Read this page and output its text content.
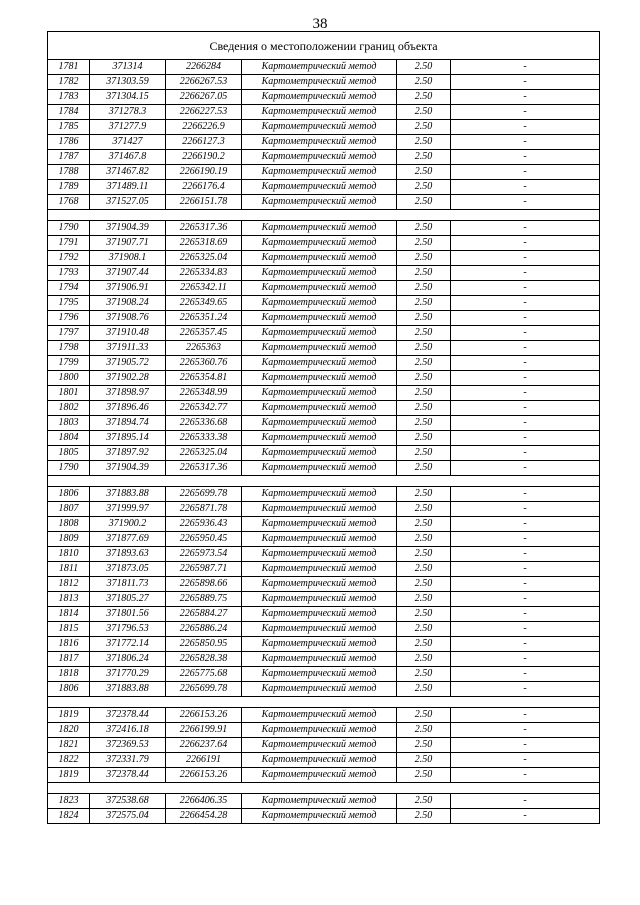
38
Сведения о местоположении границ объекта					
1781	371314	2266284	Картометрический метод	2.50	-
1782	371303.59	2266267.53	Картометрический метод	2.50	-
1783	371304.15	2266267.05	Картометрический метод	2.50	-
1784	371278.3	2266227.53	Картометрический метод	2.50	-
1785	371277.9	2266226.9	Картометрический метод	2.50	-
1786	371427	2266127.3	Картометрический метод	2.50	-
1787	371467.8	2266190.2	Картометрический метод	2.50	-
1788	371467.82	2266190.19	Картометрический метод	2.50	-
1789	371489.11	2266176.4	Картометрический метод	2.50	-
1768	371527.05	2266151.78	Картометрический метод	2.50	-

1790	371904.39	2265317.36	Картометрический метод	2.50	-
1791	371907.71	2265318.69	Картометрический метод	2.50	-
1792	371908.1	2265325.04	Картометрический метод	2.50	-
1793	371907.44	2265334.83	Картометрический метод	2.50	-
1794	371906.91	2265342.11	Картометрический метод	2.50	-
1795	371908.24	2265349.65	Картометрический метод	2.50	-
1796	371908.76	2265351.24	Картометрический метод	2.50	-
1797	371910.48	2265357.45	Картометрический метод	2.50	-
1798	371911.33	2265363	Картометрический метод	2.50	-
1799	371905.72	2265360.76	Картометрический метод	2.50	-
1800	371902.28	2265354.81	Картометрический метод	2.50	-
1801	371898.97	2265348.99	Картометрический метод	2.50	-
1802	371896.46	2265342.77	Картометрический метод	2.50	-
1803	371894.74	2265336.68	Картометрический метод	2.50	-
1804	371895.14	2265333.38	Картометрический метод	2.50	-
1805	371897.92	2265325.04	Картометрический метод	2.50	-
1790	371904.39	2265317.36	Картометрический метод	2.50	-

1806	371883.88	2265699.78	Картометрический метод	2.50	-
1807	371999.97	2265871.78	Картометрический метод	2.50	-
1808	371900.2	2265936.43	Картометрический метод	2.50	-
1809	371877.69	2265950.45	Картометрический метод	2.50	-
1810	371893.63	2265973.54	Картометрический метод	2.50	-
1811	371873.05	2265987.71	Картометрический метод	2.50	-
1812	371811.73	2265898.66	Картометрический метод	2.50	-
1813	371805.27	2265889.75	Картометрический метод	2.50	-
1814	371801.56	2265884.27	Картометрический метод	2.50	-
1815	371796.53	2265886.24	Картометрический метод	2.50	-
1816	371772.14	2265850.95	Картометрический метод	2.50	-
1817	371806.24	2265828.38	Картометрический метод	2.50	-
1818	371770.29	2265775.68	Картометрический метод	2.50	-
1806	371883.88	2265699.78	Картометрический метод	2.50	-

1819	372378.44	2266153.26	Картометрический метод	2.50	-
1820	372416.18	2266199.91	Картометрический метод	2.50	-
1821	372369.53	2266237.64	Картометрический метод	2.50	-
1822	372331.79	2266191	Картометрический метод	2.50	-
1819	372378.44	2266153.26	Картометрический метод	2.50	-

1823	372538.68	2266406.35	Картометрический метод	2.50	-
1824	372575.04	2266454.28	Картометрический метод	2.50	-
